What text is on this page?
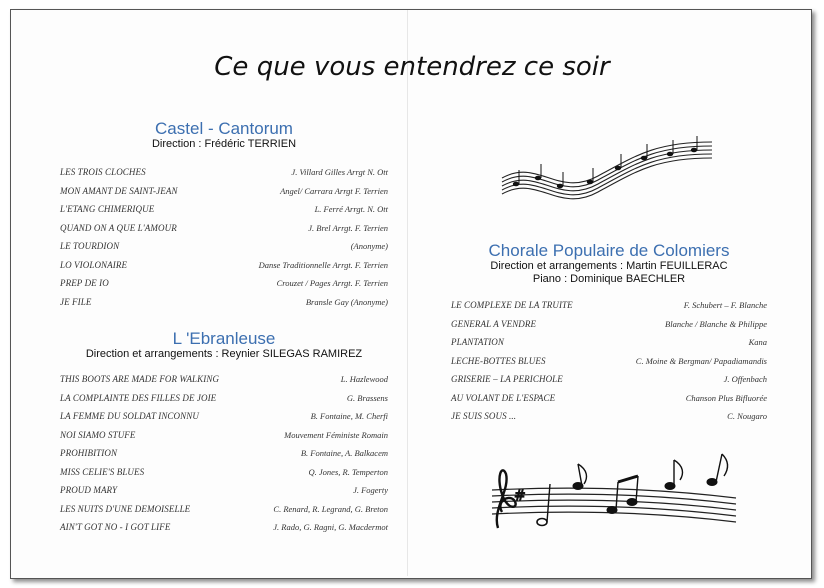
Ce que vous entendrez ce soir
Castel - Cantorum
Direction : Frédéric TERRIEN
LES TROIS CLOCHES	J. Villard Gilles Arrgt N. Ott
MON AMANT DE SAINT-JEAN	Angel/ Carrara Arrgt F. Terrien
L'ETANG CHIMERIQUE	L. Ferré Arrgt. N. Ott
QUAND ON A QUE L'AMOUR	J. Brel Arrgt. F. Terrien
LE TOURDION	(Anonyme)
LO VIOLONAIRE	Danse Traditionnelle Arrgt. F. Terrien
PREP DE IO	Crouzet / Pages Arrgt. F. Terrien
JE FILE	Bransle Gay (Anonyme)
L 'Ebranleuse
Direction et arrangements : Reynier SILEGAS RAMIREZ
THIS BOOTS ARE MADE FOR WALKING	L. Hazlewood
LA COMPLAINTE DES FILLES DE JOIE	G. Brassens
LA FEMME DU SOLDAT INCONNU	B. Fontaine, M. Cherfi
NOI SIAMO STUFE	Mouvement Féministe Romain
PROHIBITION	B. Fontaine, A. Balkacem
MISS CELIE'S BLUES	Q. Jones, R. Temperton
PROUD MARY	J. Fogerty
LES NUITS D'UNE DEMOISELLE	C. Renard, R. Legrand, G. Breton
AIN'T GOT NO - I GOT LIFE	J. Rado, G. Ragni, G. Macdermot
Chorale Populaire de Colomiers
Direction et arrangements : Martin FEUILLERAC
Piano : Dominique BAECHLER
LE COMPLEXE DE LA TRUITE	F. Schubert – F. Blanche
GENERAL A VENDRE	Blanche / Blanche & Philippe
PLANTATION	Kana
LECHE-BOTTES BLUES	C. Moine & Bergman/ Papadiamandis
GRISERIE – LA PERICHOLE	J. Offenbach
AU VOLANT DE L'ESPACE	Chanson Plus Bifluorée
JE SUIS SOUS ...	C. Nougaro
#
